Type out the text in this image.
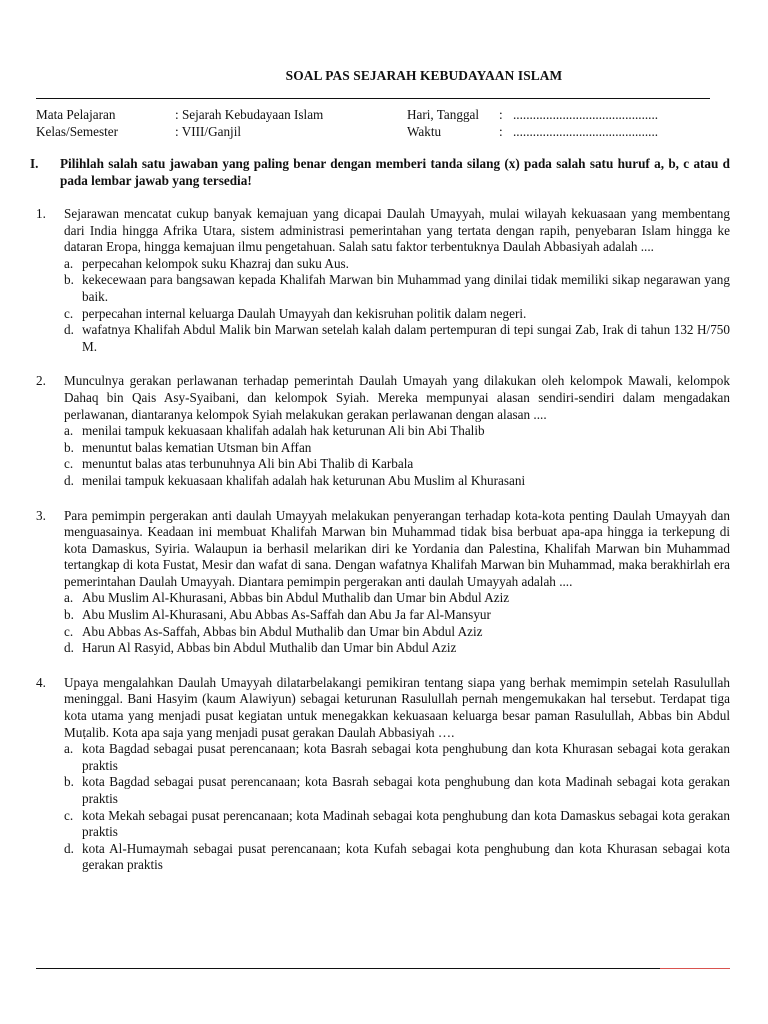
SOAL PAS SEJARAH KEBUDAYAAN ISLAM
Mata Pelajaran	: Sejarah Kebudayaan Islam	Hari, Tanggal : ............................................
Kelas/Semester	: VIII/Ganjil	Waktu	: ............................................
I. Pilihlah salah satu jawaban yang paling benar dengan memberi tanda silang (x) pada salah satu huruf a, b, c atau d pada lembar jawab yang tersedia!
1. Sejarawan mencatat cukup banyak kemajuan yang dicapai Daulah Umayyah, mulai wilayah kekuasaan yang membentang dari India hingga Afrika Utara, sistem administrasi pemerintahan yang tertata dengan rapih, penyebaran Islam hingga ke dataran Eropa, hingga kemajuan ilmu pengetahuan. Salah satu faktor terbentuknya Daulah Abbasiyah adalah ....
a. perpecahan kelompok suku Khazraj dan suku Aus.
b. kekecewaan para bangsawan kepada Khalifah Marwan bin Muhammad yang dinilai tidak memiliki sikap negarawan yang baik.
c. perpecahan internal keluarga Daulah Umayyah dan kekisruhan politik dalam negeri.
d. wafatnya Khalifah Abdul Malik bin Marwan setelah kalah dalam pertempuran di tepi sungai Zab, Irak di tahun 132 H/750 M.
2. Munculnya gerakan perlawanan terhadap pemerintah Daulah Umayah yang dilakukan oleh kelompok Mawali, kelompok Dahaq bin Qais Asy-Syaibani, dan kelompok Syiah. Mereka mempunyai alasan sendiri-sendiri dalam mengadakan perlawanan, diantaranya kelompok Syiah melakukan gerakan perlawanan dengan alasan ....
a. menilai tampuk kekuasaan khalifah adalah hak keturunan Ali bin Abi Thalib
b. menuntut balas kematian Utsman bin Affan
c. menuntut balas atas terbunuhnya Ali bin Abi Thalib di Karbala
d. menilai tampuk kekuasaan khalifah adalah hak keturunan Abu Muslim al Khurasani
3. Para pemimpin pergerakan anti daulah Umayyah melakukan penyerangan terhadap kota-kota penting Daulah Umayyah dan menguasainya. Keadaan ini membuat Khalifah Marwan bin Muhammad tidak bisa berbuat apa-apa hingga ia terkepung di kota Damaskus, Syiria. Walaupun ia berhasil melarikan diri ke Yordania dan Palestina, Khalifah Marwan bin Muhammad tertangkap di kota Fustat, Mesir dan wafat di sana. Dengan wafatnya Khalifah Marwan bin Muhammad, maka berakhirlah era pemerintahan Daulah Umayyah. Diantara pemimpin pergerakan anti daulah Umayyah adalah ....
a. Abu Muslim Al-Khurasani, Abbas bin Abdul Muthalib dan Umar bin Abdul Aziz
b. Abu Muslim Al-Khurasani, Abu Abbas As-Saffah dan Abu Ja far Al-Mansyur
c. Abu Abbas As-Saffah, Abbas bin Abdul Muthalib dan Umar bin Abdul Aziz
d. Harun Al Rasyid, Abbas bin Abdul Muthalib dan Umar bin Abdul Aziz
4. Upaya mengalahkan Daulah Umayyah dilatarbelakangi pemikiran tentang siapa yang berhak memimpin setelah Rasulullah meninggal. Bani Hasyim (kaum Alawiyun) sebagai keturunan Rasulullah pernah mengemukakan hal tersebut. Terdapat tiga kota utama yang menjadi pusat kegiatan untuk menegakkan kekuasaan keluarga besar paman Rasulullah, Abbas bin Abdul Muṭalib. Kota apa saja yang menjadi pusat gerakan Daulah Abbasiyah ….
a. kota Bagdad sebagai pusat perencanaan; kota Basrah sebagai kota penghubung dan kota Khurasan sebagai kota gerakan praktis
b. kota Bagdad sebagai pusat perencanaan; kota Basrah sebagai kota penghubung dan kota Madinah sebagai kota gerakan praktis
c. kota Mekah sebagai pusat perencanaan; kota Madinah sebagai kota penghubung dan kota Damaskus sebagai kota gerakan praktis
d. kota Al-Humaymah sebagai pusat perencanaan; kota Kufah sebagai kota penghubung dan kota Khurasan sebagai kota gerakan praktis
